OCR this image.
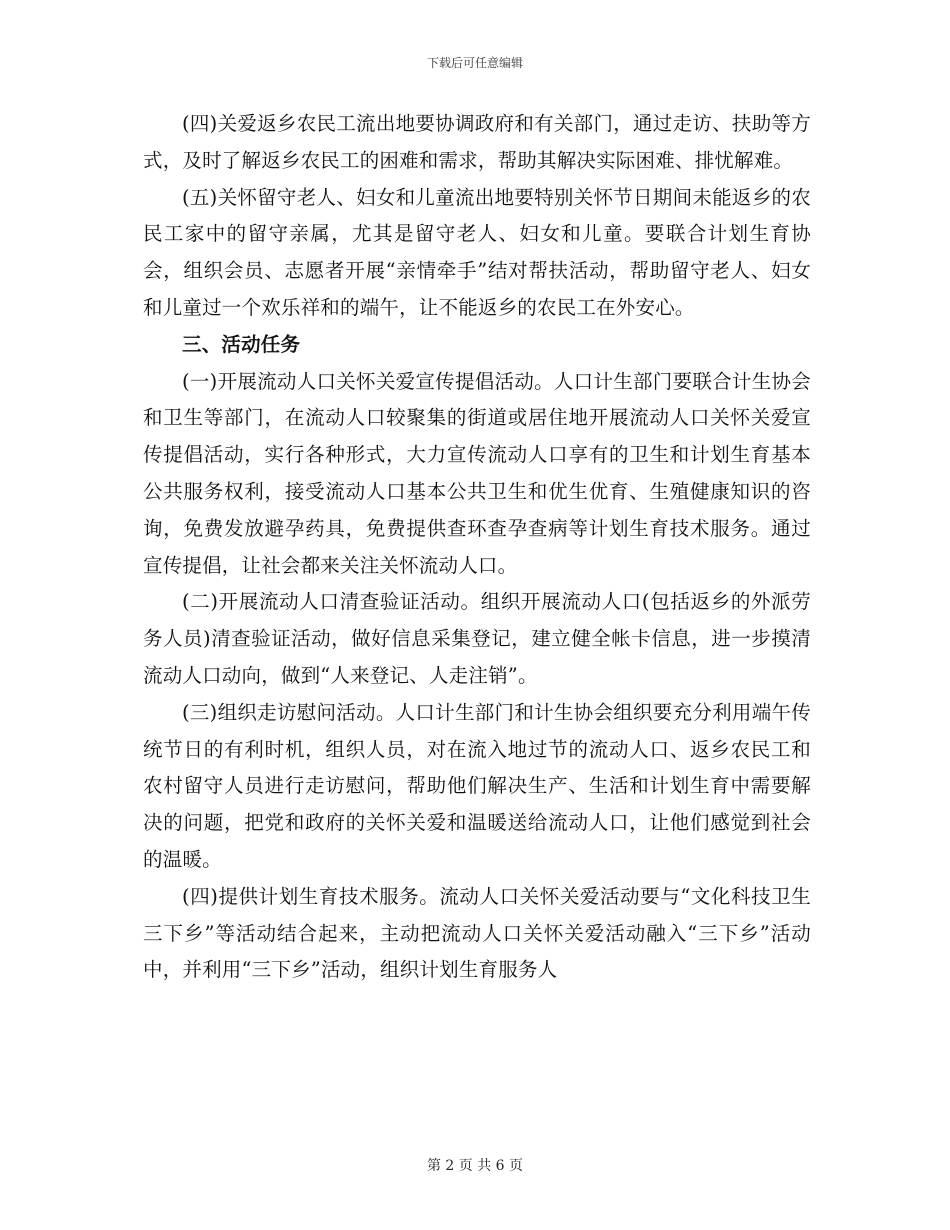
下载后可任意编辑

(四)关爱返乡农民工流出地要协调政府和有关部门，通过走访、扶助等方式，及时了解返乡农民工的困难和需求，帮助其解决实际困难、排忧解难。

(五)关怀留守老人、妇女和儿童流出地要特别关怀节日期间未能返乡的农民工家中的留守亲属，尤其是留守老人、妇女和儿童。要联合计划生育协会，组织会员、志愿者开展“亲情牵手”结对帮扶活动，帮助留守老人、妇女和儿童过一个欢乐祥和的端午，让不能返乡的农民工在外安心。

三、活动任务

(一)开展流动人口关怀关爱宣传提倡活动。人口计生部门要联合计生协会和卫生等部门，在流动人口较聚集的街道或居住地开展流动人口关怀关爱宣传提倡活动，实行各种形式，大力宣传流动人口享有的卫生和计划生育基本公共服务权利，接受流动人口基本公共卫生和优生优育、生殖健康知识的咨询，免费发放避孕药具，免费提供查环查孕查病等计划生育技术服务。通过宣传提倡，让社会都来关注关怀流动人口。

(二)开展流动人口清查验证活动。组织开展流动人口(包括返乡的外派劳务人员)清查验证活动，做好信息采集登记，建立健全帐卡信息，进一步摸清流动人口动向，做到“人来登记、人走注销”。

(三)组织走访慰问活动。人口计生部门和计生协会组织要充分利用端午传统节日的有利时机，组织人员，对在流入地过节的流动人口、返乡农民工和农村留守人员进行走访慰问，帮助他们解决生产、生活和计划生育中需要解决的问题，把党和政府的关怀关爱和温暖送给流动人口，让他们感觉到社会的温暖。

(四)提供计划生育技术服务。流动人口关怀关爱活动要与“文化科技卫生三下乡”等活动结合起来，主动把流动人口关怀关爱活动融入“三下乡”活动中，并利用“三下乡”活动，组织计划生育服务人

第 2 页 共 6 页
